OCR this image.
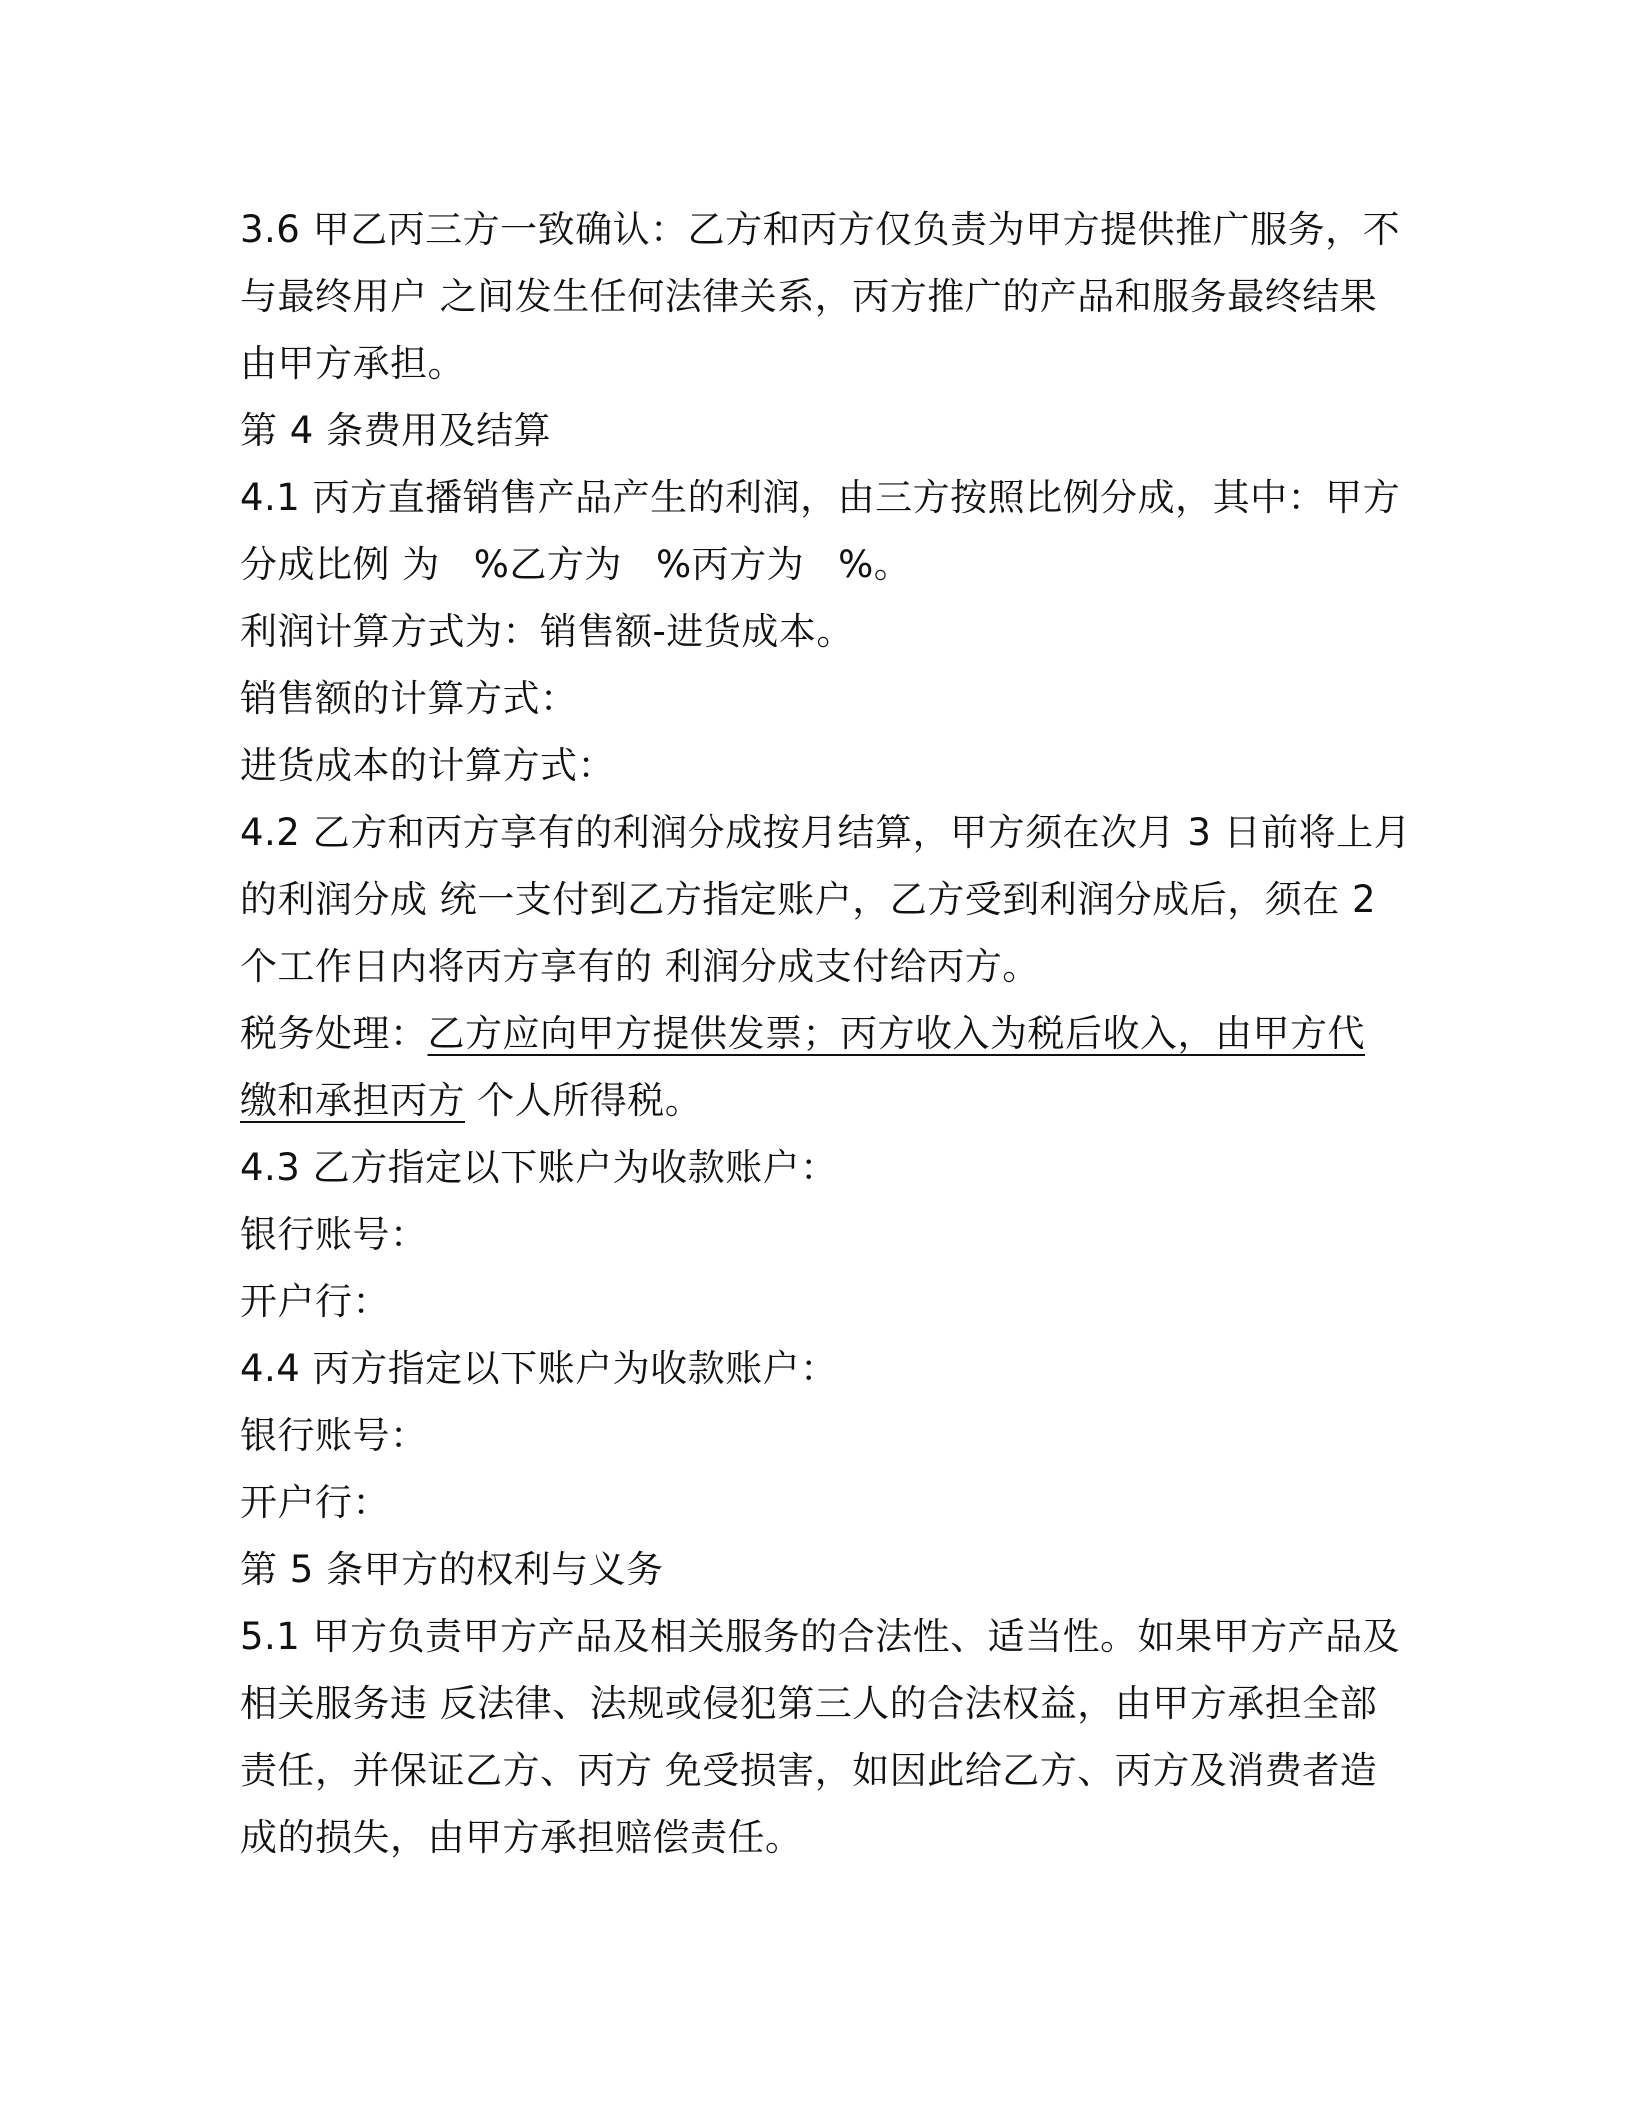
3.6 甲乙丙三方一致确认：乙方和丙方仅负责为甲方提供推广服务，不
与最终用户 之间发生任何法律关系，丙方推广的产品和服务最终结果
由甲方承担。
第 4 条费用及结算
4.1 丙方直播销售产品产生的利润，由三方按照比例分成，其中：甲方
分成比例 为 %乙方为 %丙方为 %。
利润计算方式为：销售额-进货成本。
销售额的计算方式：
进货成本的计算方式：
4.2 乙方和丙方享有的利润分成按月结算，甲方须在次月 3 日前将上月
的利润分成 统一支付到乙方指定账户，乙方受到利润分成后，须在 2
个工作日内将丙方享有的 利润分成支付给丙方。
税务处理：乙方应向甲方提供发票；丙方收入为税后收入，由甲方代
缴和承担丙方 个人所得税。
4.3 乙方指定以下账户为收款账户：
银行账号：
开户行：
4.4 丙方指定以下账户为收款账户：
银行账号：
开户行：
第 5 条甲方的权利与义务
5.1 甲方负责甲方产品及相关服务的合法性、适当性。如果甲方产品及
相关服务违 反法律、法规或侵犯第三人的合法权益，由甲方承担全部
责任，并保证乙方、丙方 免受损害，如因此给乙方、丙方及消费者造
成的损失，由甲方承担赔偿责任。
